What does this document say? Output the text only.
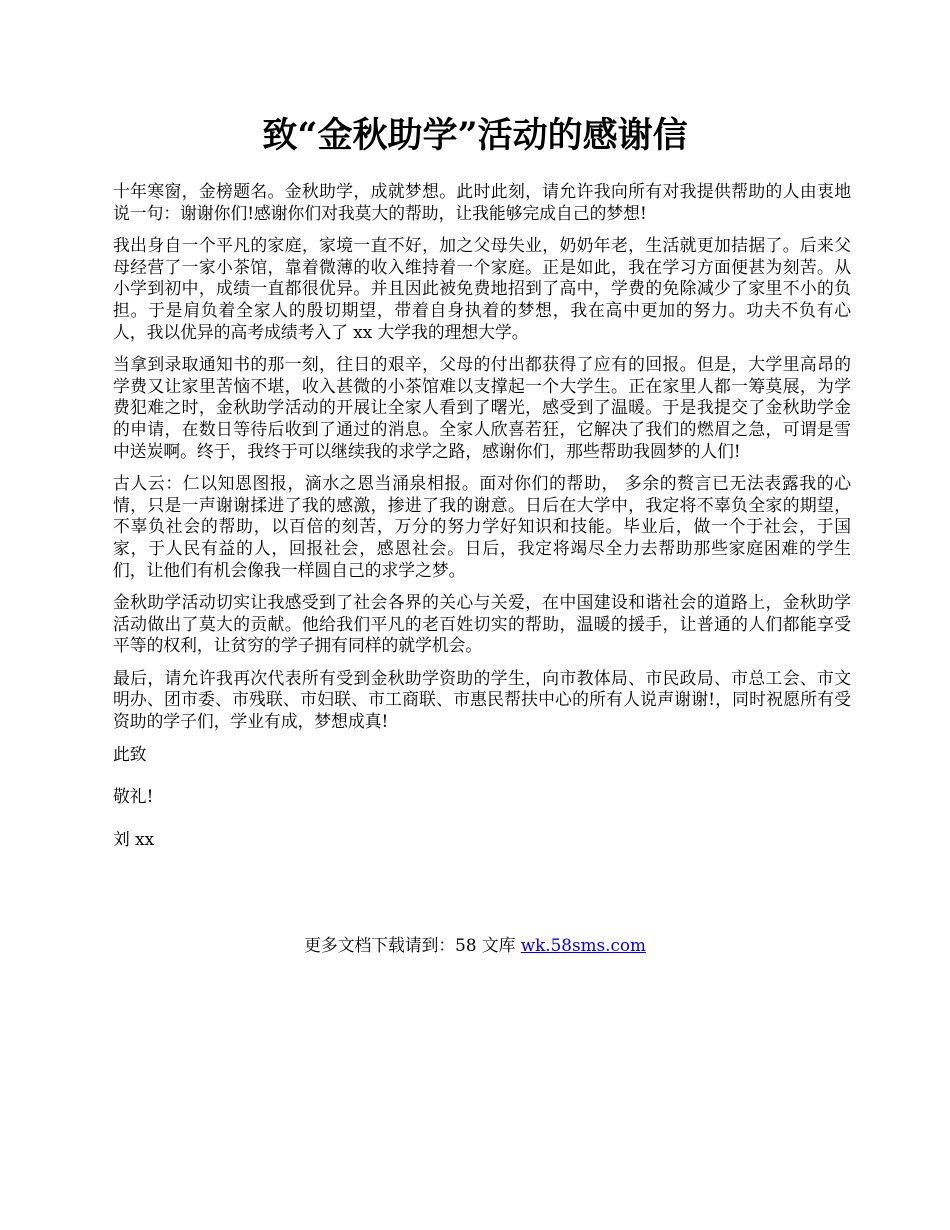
致“金秋助学”活动的感谢信

十年寒窗，金榜题名。金秋助学，成就梦想。此时此刻，请允许我向所有对我提供帮助的人由衷地说一句：谢谢你们!感谢你们对我莫大的帮助，让我能够完成自己的梦想!

我出身自一个平凡的家庭，家境一直不好，加之父母失业，奶奶年老，生活就更加拮据了。后来父母经营了一家小茶馆，靠着微薄的收入维持着一个家庭。正是如此，我在学习方面便甚为刻苦。从小学到初中，成绩一直都很优异。并且因此被免费地招到了高中，学费的免除减少了家里不小的负担。于是肩负着全家人的殷切期望，带着自身执着的梦想，我在高中更加的努力。功夫不负有心人，我以优异的高考成绩考入了 xx 大学我的理想大学。

当拿到录取通知书的那一刻，往日的艰辛，父母的付出都获得了应有的回报。但是，大学里高昂的学费又让家里苦恼不堪，收入甚微的小茶馆难以支撑起一个大学生。正在家里人都一筹莫展，为学费犯难之时，金秋助学活动的开展让全家人看到了曙光，感受到了温暖。于是我提交了金秋助学金的申请，在数日等待后收到了通过的消息。全家人欣喜若狂，它解决了我们的燃眉之急，可谓是雪中送炭啊。终于，我终于可以继续我的求学之路，感谢你们，那些帮助我圆梦的人们!

古人云：仁以知恩图报，滴水之恩当涌泉相报。面对你们的帮助， 多余的赘言已无法表露我的心情，只是一声谢谢揉进了我的感激，掺进了我的谢意。日后在大学中，我定将不辜负全家的期望，不辜负社会的帮助，以百倍的刻苦，万分的努力学好知识和技能。毕业后，做一个于社会，于国家，于人民有益的人，回报社会，感恩社会。日后，我定将竭尽全力去帮助那些家庭困难的学生们，让他们有机会像我一样圆自己的求学之梦。

金秋助学活动切实让我感受到了社会各界的关心与关爱，在中国建设和谐社会的道路上，金秋助学活动做出了莫大的贡献。他给我们平凡的老百姓切实的帮助，温暖的援手，让普通的人们都能享受平等的权利，让贫穷的学子拥有同样的就学机会。

最后，请允许我再次代表所有受到金秋助学资助的学生，向市教体局、市民政局、市总工会、市文明办、团市委、市残联、市妇联、市工商联、市惠民帮扶中心的所有人说声谢谢!，同时祝愿所有受资助的学子们，学业有成，梦想成真!

此致

敬礼!

刘 xx

更多文档下载请到：58 文库 wk.58sms.com
